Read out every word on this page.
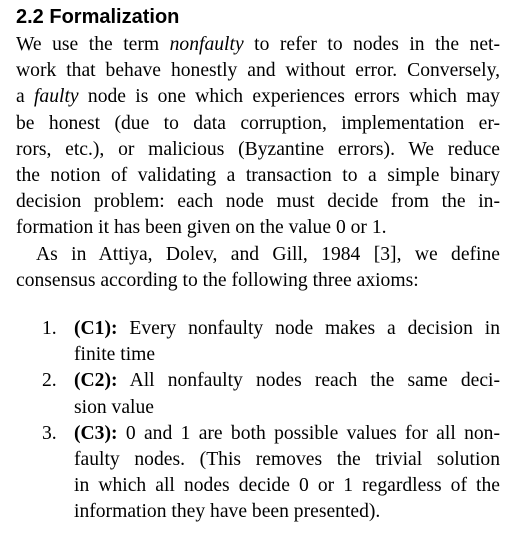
2.2 Formalization

We use the term nonfaulty to refer to nodes in the net-
work that behave honestly and without error. Conversely,
a faulty node is one which experiences errors which may
be honest (due to data corruption, implementation er-
rors, etc.), or malicious (Byzantine errors). We reduce
the notion of validating a transaction to a simple binary
decision problem: each node must decide from the in-
formation it has been given on the value 0 or 1.

As in Attiya, Dolev, and Gill, 1984 [3], we define
consensus according to the following three axioms:

1. (C1): Every nonfaulty node makes a decision in
finite time
2. (C2): All nonfaulty nodes reach the same deci-
sion value
3. (C3): 0 and 1 are both possible values for all non-
faulty nodes. (This removes the trivial solution
in which all nodes decide 0 or 1 regardless of the
information they have been presented).
